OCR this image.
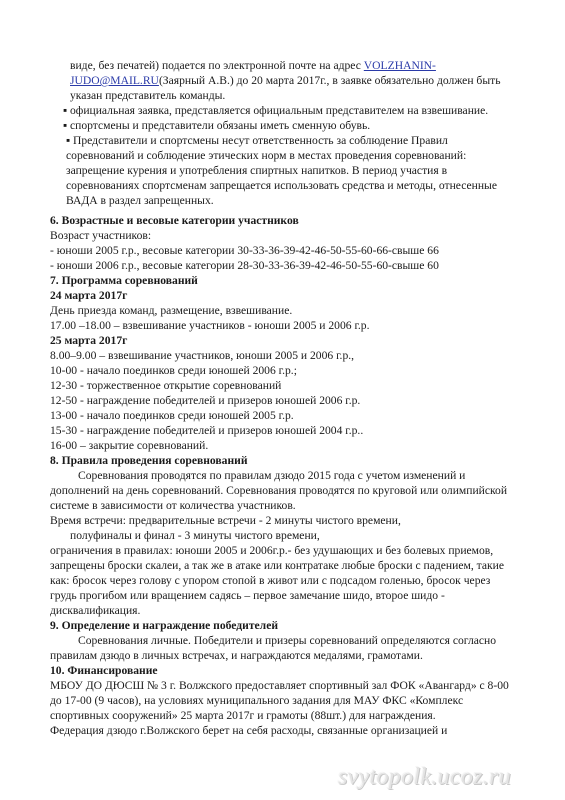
виде, без печатей) подается по электронной почте на адрес VOLZHANIN-
JUDO@MAIL.RU(Заярный А.В.) до 20 марта 2017г., в заявке обязательно должен быть
указан представитель команды.
▪ официальная заявка, представляется официальным представителем на взвешивание.
▪ спортсмены и представители обязаны иметь сменную обувь.
▪ Представители и спортсмены несут ответственность за соблюдение Правил
соревнований и соблюдение этических норм в местах проведения соревнований:
запрещение курения и употребления спиртных напитков. В период участия в
соревнованиях спортсменам запрещается использовать средства и методы, отнесенные
ВАДА в раздел запрещенных.
6. Возрастные и весовые категории участников
Возраст участников:
- юноши 2005 г.р., весовые категории 30-33-36-39-42-46-50-55-60-66-свыше 66
- юноши 2006 г.р., весовые категории 28-30-33-36-39-42-46-50-55-60-свыше 60
7. Программа соревнований
24 марта 2017г
День приезда команд, размещение, взвешивание.
17.00 –18.00 – взвешивание участников - юноши 2005 и 2006 г.р.
25 марта 2017г
8.00–9.00 – взвешивание участников, юноши 2005 и 2006 г.р.,
10-00 - начало поединков среди юношей 2006 г.р.;
12-30 - торжественное открытие соревнований
12-50 - награждение победителей и призеров юношей 2006 г.р.
13-00 - начало поединков среди юношей 2005 г.р.
15-30 - награждение победителей и призеров юношей 2004 г.р..
16-00 – закрытие соревнований.
8. Правила проведения соревнований
Соревнования проводятся по правилам дзюдо 2015 года с учетом изменений и
дополнений на день соревнований. Соревнования проводятся по круговой или олимпийской
системе в зависимости от количества участников.
Время встречи: предварительные встречи - 2 минуты чистого времени,
полуфиналы и финал - 3 минуты чистого времени,
ограничения в правилах: юноши 2005 и 2006г.р.- без удушающих и без болевых приемов,
запрещены броски скалеи, а так же в атаке или контратаке любые броски с падением, такие
как: бросок через голову с упором стопой в живот или с подсадом голенью, бросок через
грудь прогибом или вращением садясь – первое замечание шидо, второе шидо -
дисквалификация.
9. Определение и награждение победителей
Соревнования личные. Победители и призеры соревнований определяются согласно
правилам дзюдо в личных встречах, и награждаются медалями, грамотами.
10. Финансирование
МБОУ ДО ДЮСШ № 3 г. Волжского предоставляет спортивный зал ФОК «Авангард» с 8-00
до 17-00 (9 часов), на условиях муниципального задания для МАУ ФКС «Комплекс
спортивных сооружений» 25 марта 2017г и грамоты (88шт.) для награждения.
Федерация дзюдо г.Волжского берет на себя расходы, связанные организацией и
svytopolk.ucoz.ru
